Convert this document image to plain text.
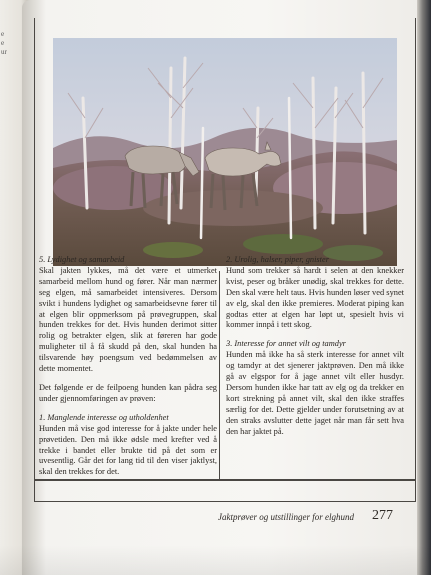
e
e
ur
5. Lydighet og samarbeid
Skal jakten lykkes, må det være et utmerket samarbeid mellom hund og fører. Når man nærmer seg elgen, må samarbeidet intensiveres. Dersom svikt i hundens lydighet og samarbeidsevne fører til at elgen blir oppmerksom på prøvegruppen, skal hunden trekkes for det. Hvis hunden derimot sitter rolig og betrakter elgen, slik at føreren har gode muligheter til å få skudd på den, skal hunden ha tilsvarende høy poengsum ved bedømmelsen av dette momentet.
Det følgende er de feilpoeng hunden kan pådra seg under gjennomføringen av prøven:
1. Manglende interesse og utholdenhet
Hunden må vise god interesse for å jakte under hele prøvetiden. Den må ikke ødsle med krefter ved å trekke i bandet eller brukte tid på det som er uvesentlig. Går det for lang tid til den viser jaktlyst, skal den trekkes for det.
2. Urolig, halser, piper, gnister
Hund som trekker så hardt i selen at den knekker kvist, peser og bråker unødig, skal trekkes for dette. Den skal være helt taus. Hvis hunden løser ved synet av elg, skal den ikke premieres. Moderat piping kan godtas etter at elgen har løpt ut, spesielt hvis vi kommer innpå i tett skog.
3. Interesse for annet vilt og tamdyr
Hunden må ikke ha så sterk interesse for annet vilt og tamdyr at det sjenerer jaktprøven. Den må ikke gå av elgspor for å jage annet vilt eller husdyr. Dersom hunden ikke har tatt av elg og da trekker en kort strekning på annet vilt, skal den ikke straffes særlig for det. Dette gjelder under forutsetning av at den straks avslutter dette jaget når man får sett hva den har jaktet på.
Jaktprøver og utstillinger for elghund 277
